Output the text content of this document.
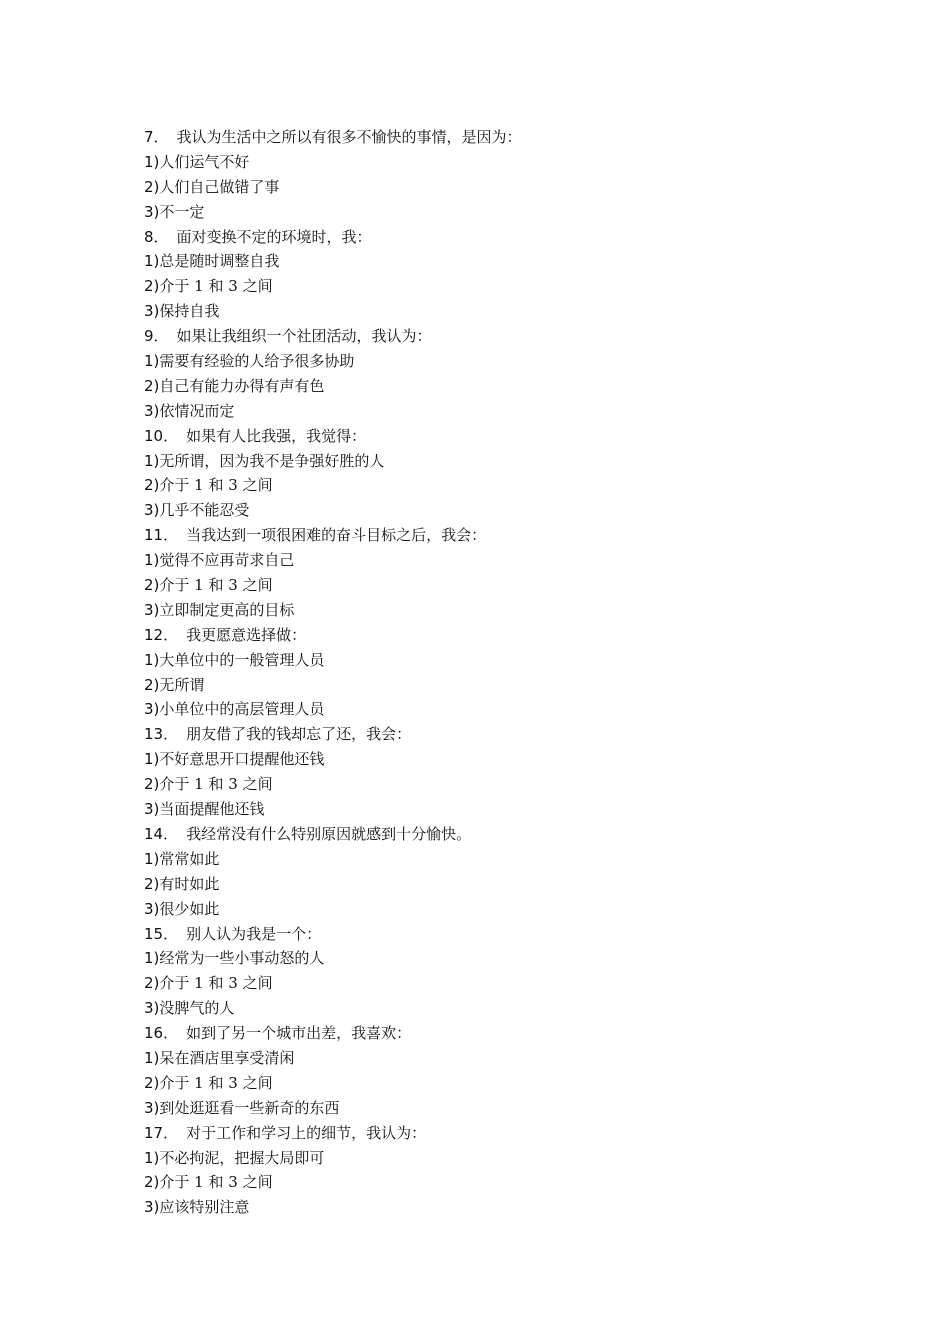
7． 我认为生活中之所以有很多不愉快的事情，是因为：
1)人们运气不好
2)人们自己做错了事
3)不一定
8． 面对变换不定的环境时，我：
1)总是随时调整自我
2)介于 1 和 3 之间
3)保持自我
9． 如果让我组织一个社团活动，我认为：
1)需要有经验的人给予很多协助
2)自己有能力办得有声有色
3)依情况而定
10． 如果有人比我强，我觉得：
1)无所谓，因为我不是争强好胜的人
2)介于 1 和 3 之间
3)几乎不能忍受
11． 当我达到一项很困难的奋斗目标之后，我会：
1)觉得不应再苛求自己
2)介于 1 和 3 之间
3)立即制定更高的目标
12． 我更愿意选择做：
1)大单位中的一般管理人员
2)无所谓
3)小单位中的高层管理人员
13． 朋友借了我的钱却忘了还，我会：
1)不好意思开口提醒他还钱
2)介于 1 和 3 之间
3)当面提醒他还钱
14． 我经常没有什么特别原因就感到十分愉快。
1)常常如此
2)有时如此
3)很少如此
15． 别人认为我是一个：
1)经常为一些小事动怒的人
2)介于 1 和 3 之间
3)没脾气的人
16． 如到了另一个城市出差，我喜欢：
1)呆在酒店里享受清闲
2)介于 1 和 3 之间
3)到处逛逛看一些新奇的东西
17． 对于工作和学习上的细节，我认为：
1)不必拘泥，把握大局即可
2)介于 1 和 3 之间
3)应该特别注意
